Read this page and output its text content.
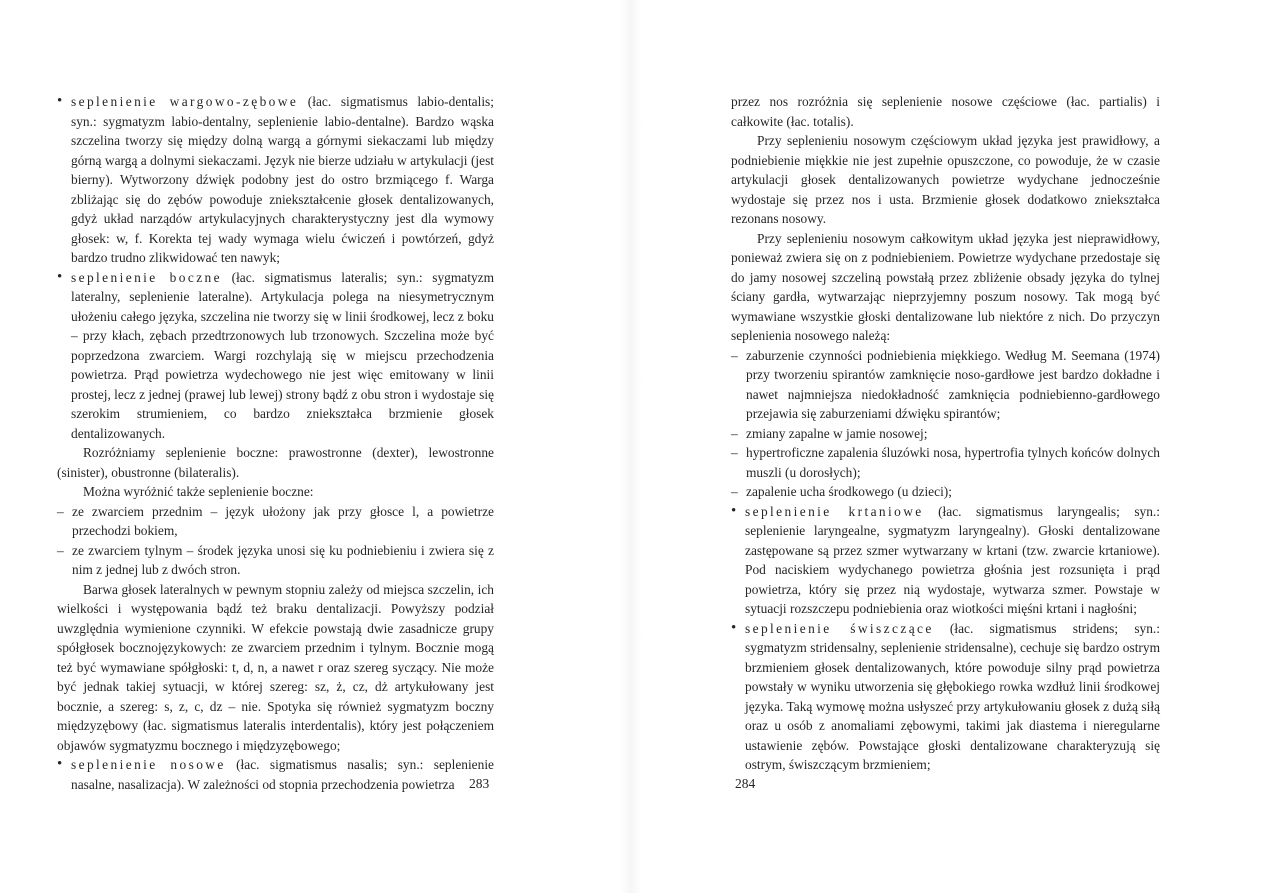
• seplenienie wargowo-zębowe (łac. sigmatismus labio-dentalis; syn.: sygmatyzm labio-dentalny, seplenienie labio-dentalne). Bardzo wąska szczelina tworzy się między dolną wargą a górnymi siekaczami lub między górną wargą a dolnymi siekaczami. Język nie bierze udziału w artykulacji (jest bierny). Wytworzony dźwięk podobny jest do ostro brzmiącego f. Warga zbliżając się do zębów powoduje zniekształcenie głosek dentalizowanych, gdyż układ narządów artykulacyjnych charakterystyczny jest dla wymowy głosek: w, f. Korekta tej wady wymaga wielu ćwiczeń i powtórzeń, gdyż bardzo trudno zlikwidować ten nawyk;

• seplenienie boczne (łac. sigmatismus lateralis; syn.: sygmatyzm lateralny, seplenienie lateralne). Artykulacja polega na niesymetrycznym ułożeniu całego języka, szczelina nie tworzy się w linii środkowej, lecz z boku – przy kłach, zębach przedtrzonowych lub trzonowych. Szczelina może być poprzedzona zwarciem. Wargi rozchylają się w miejscu przechodzenia powietrza. Prąd powietrza wydechowego nie jest więc emitowany w linii prostej, lecz z jednej (prawej lub lewej) strony bądź z obu stron i wydostaje się szerokim strumieniem, co bardzo zniekształca brzmienie głosek dentalizowanych.

Rozróżniamy seplenienie boczne: prawostronne (dexter), lewostronne (sinister), obustronne (bilateralis).

Można wyróżnić także seplenienie boczne:

– ze zwarciem przednim – język ułożony jak przy głosce l, a powietrze przechodzi bokiem,

– ze zwarciem tylnym – środek języka unosi się ku podniebieniu i zwiera się z nim z jednej lub z dwóch stron.

Barwa głosek lateralnych w pewnym stopniu zależy od miejsca szczelin, ich wielkości i występowania bądź też braku dentalizacji. Powyższy podział uwzględnia wymienione czynniki. W efekcie powstają dwie zasadnicze grupy spółgłosek bocznojęzykowych: ze zwarciem przednim i tylnym. Bocznie mogą też być wymawiane spółgłoski: t, d, n, a nawet r oraz szereg syczący. Nie może być jednak takiej sytuacji, w której szereg: sz, ż, cz, dż artykułowany jest bocznie, a szereg: s, z, c, dz – nie. Spotyka się również sygmatyzm boczny międzyzębowy (łac. sigmatismus lateralis interdentalis), który jest połączeniem objawów sygmatyzmu bocznego i międzyzębowego;

• seplenienie nosowe (łac. sigmatismus nasalis; syn.: seplenienie nasalne, nasalizacja). W zależności od stopnia przechodzenia powietrza	283

przez nos rozróżnia się seplenienie nosowe częściowe (łac. partialis) i całkowite (łac. totalis).

Przy seplenieniu nosowym częściowym układ języka jest prawidłowy, a podniebienie miękkie nie jest zupełnie opuszczone, co powoduje, że w czasie artykulacji głosek dentalizowanych powietrze wydychane jednocześnie wydostaje się przez nos i usta. Brzmienie głosek dodatkowo zniekształca rezonans nosowy.

Przy seplenieniu nosowym całkowitym układ języka jest nieprawidłowy, ponieważ zwiera się on z podniebieniem. Powietrze wydychane przedostaje się do jamy nosowej szczeliną powstałą przez zbliżenie obsady języka do tylnej ściany gardła, wytwarzając nieprzyjemny poszum nosowy. Tak mogą być wymawiane wszystkie głoski dentalizowane lub niektóre z nich. Do przyczyn seplenienia nosowego należą:

– zaburzenie czynności podniebienia miękkiego. Według M. Seemana (1974) przy tworzeniu spirantów zamknięcie noso-gardłowe jest bardzo dokładne i nawet najmniejsza niedokładność zamknięcia podniebienno-gardłowego przejawia się zaburzeniami dźwięku spirantów;

– zmiany zapalne w jamie nosowej;

– hypertroficzne zapalenia śluzówki nosa, hypertrofia tylnych końców dolnych muszli (u dorosłych);

– zapalenie ucha środkowego (u dzieci);

• seplenienie krtaniowe (łac. sigmatismus laryngealis; syn.: seplenienie laryngealne, sygmatyzm laryngealny). Głoski dentalizowane zastępowane są przez szmer wytwarzany w krtani (tzw. zwarcie krtaniowe). Pod naciskiem wydychanego powietrza głośnia jest rozsunięta i prąd powietrza, który się przez nią wydostaje, wytwarza szmer. Powstaje w sytuacji rozszczepu podniebienia oraz wiotkości mięśni krtani i nagłośni;

• seplenienie świszczące (łac. sigmatismus stridens; syn.: sygmatyzm stridensalny, seplenienie stridensalne), cechuje się bardzo ostrym brzmieniem głosek dentalizowanych, które powoduje silny prąd powietrza powstały w wyniku utworzenia się głębokiego rowka wzdłuż linii środkowej języka. Taką wymowę można usłyszeć przy artykułowaniu głosek z dużą siłą oraz u osób z anomaliami zębowymi, takimi jak diastema i nieregularne ustawienie zębów. Powstające głoski dentalizowane charakteryzują się ostrym, świszczącym brzmieniem;

284
